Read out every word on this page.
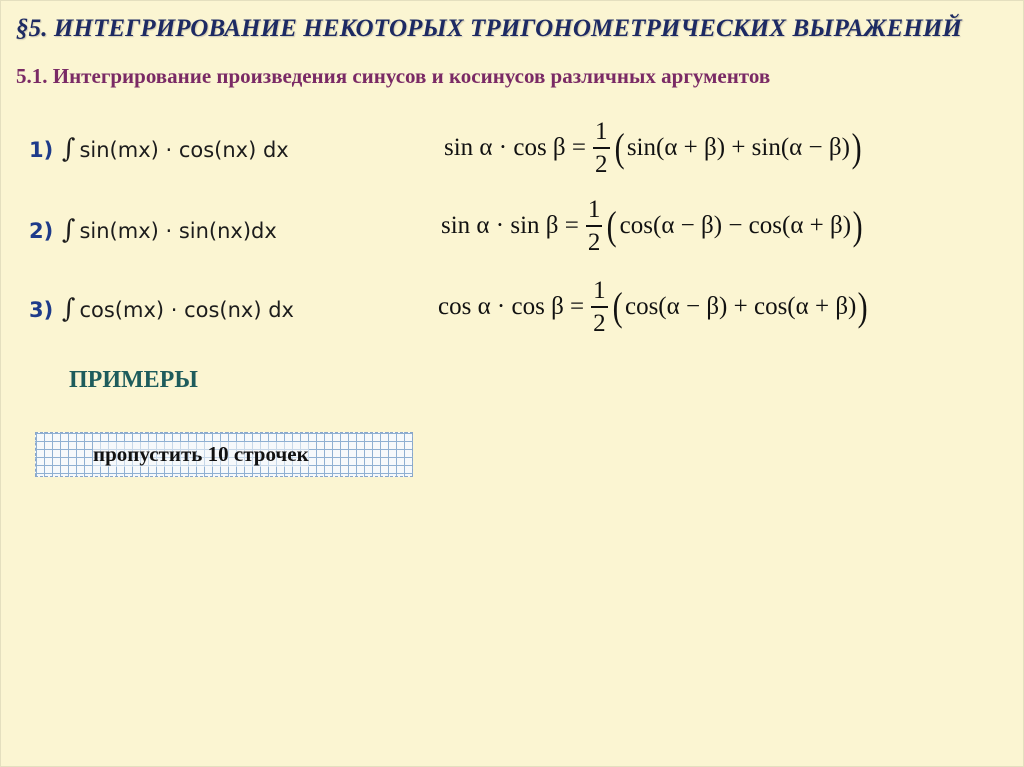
§5. ИНТЕГРИРОВАНИЕ НЕКОТОРЫХ ТРИГОНОМЕТРИЧЕСКИХ ВЫРАЖЕНИЙ
5.1. Интегрирование произведения синусов и косинусов различных аргументов
1) ∫ sin(mx) · cos(nx) dx
2) ∫ sin(mx) · sin(nx)dx
3) ∫ cos(mx) · cos(nx) dx
$\sin \alpha \cdot \cos \beta = \frac{1}{2}$ ( sin(α + β) + sin(α − β) )
$\sin \alpha \cdot \sin \beta = \frac{1}{2}$ ( cos(α − β) − cos(α + β) )
$\cos \alpha \cdot \cos \beta = \frac{1}{2}$ ( cos(α − β) + cos(α + β) )
ПРИМЕРЫ
пропустить 10 строчек
